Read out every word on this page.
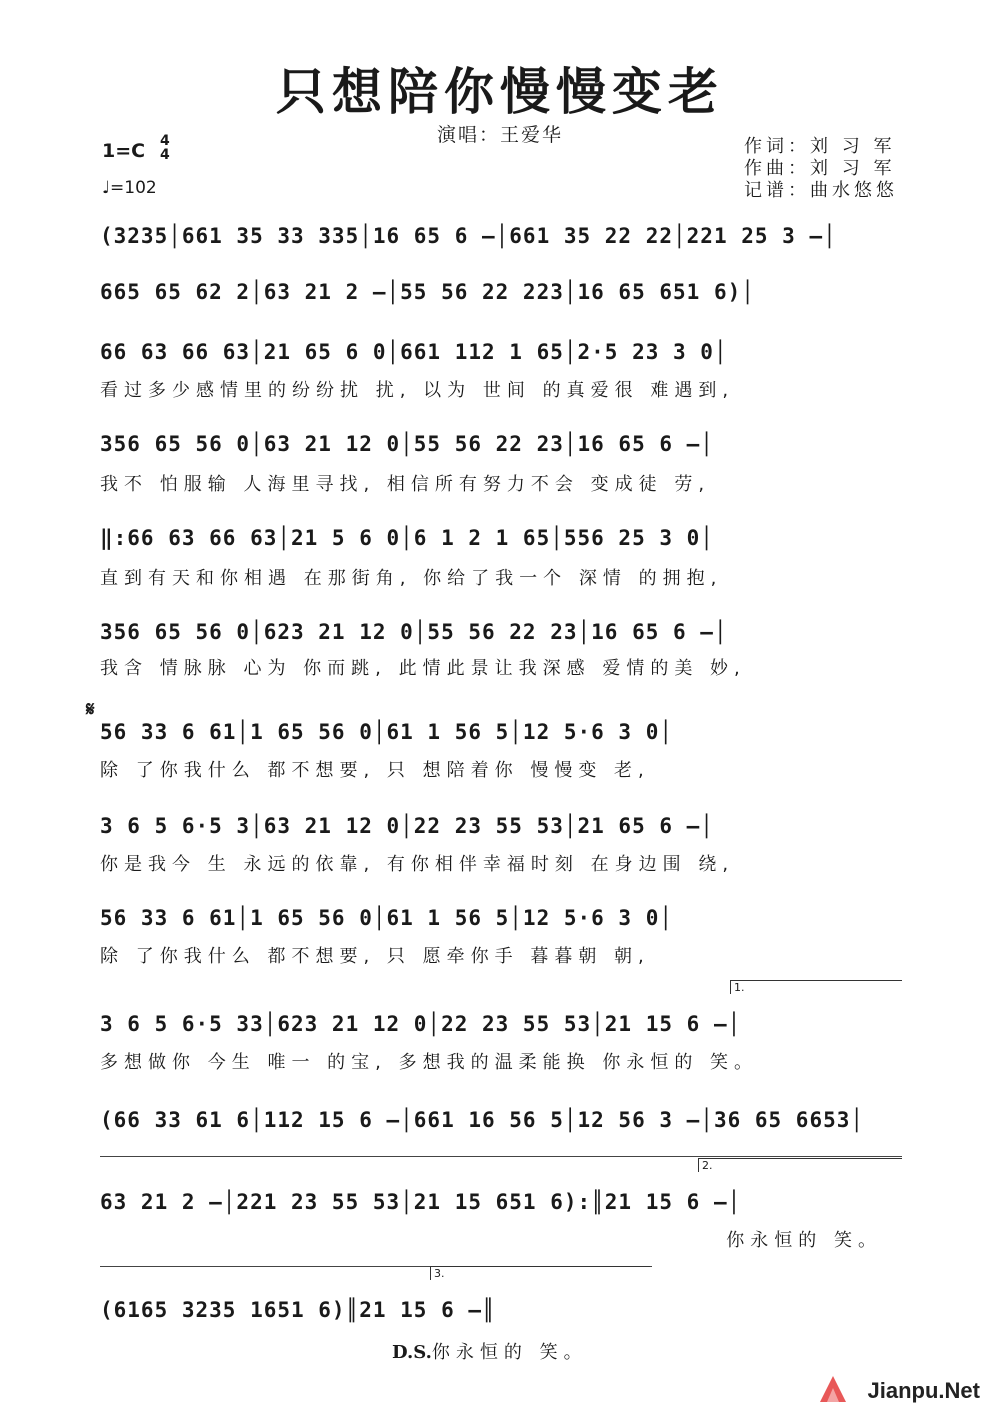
只想陪你慢慢变老
演唱：王爱华
1=C 4
4
♩=102
作词：刘 习 军
作曲：刘 习 军
记谱：曲水悠悠
𝄋
(3235│661 35 33 335│16 65 6 –│661 35 22 22│221 25 3 –│
665 65 62 2│63 21 2 –│55 56 22 223│16 65 651 6)│
66 63 66 63│21 65 6 0│661 112 1 65│2·5 23 3 0│
看过多少感情里的纷纷扰 扰, 以为 世间 的真爱很 难遇到,
356 65 56 0│63 21 12 0│55 56 22 23│16 65 6 –│
我不 怕服输 人海里寻找, 相信所有努力不会 变成徒 劳,
‖:66 63 66 63│21 5 6 0│6 1 2 1 65│556 25 3 0│
直到有天和你相遇 在那街角, 你给了我一个 深情 的拥抱,
356 65 56 0│623 21 12 0│55 56 22 23│16 65 6 –│
我含 情脉脉 心为 你而跳, 此情此景让我深感 爱情的美 妙,
56 33 6 61│1 65 56 0│61 1 56 5│12 5·6 3 0│
除 了你我什么 都不想要, 只 想陪着你 慢慢变 老,
3 6 5 6·5 3│63 21 12 0│22 23 55 53│21 65 6 –│
你是我今 生 永远的依靠, 有你相伴幸福时刻 在身边围 绕,
56 33 6 61│1 65 56 0│61 1 56 5│12 5·6 3 0│
除 了你我什么 都不想要, 只 愿牵你手 暮暮朝 朝,
3 6 5 6·5 33│623 21 12 0│22 23 55 53│21 15 6 –│
多想做你 今生 唯一 的宝, 多想我的温柔能换 你永恒的 笑。
(66 33 61 6│112 15 6 –│661 16 56 5│12 56 3 –│36 65 6653│
63 21 2 –│221 23 55 53│21 15 651 6):║21 15 6 –│
你永恒的 笑。
(6165 3235 1651 6)║21 15 6 –║
1.
2.
3.
D.S.你永恒的 笑。
Jianpu.Net
